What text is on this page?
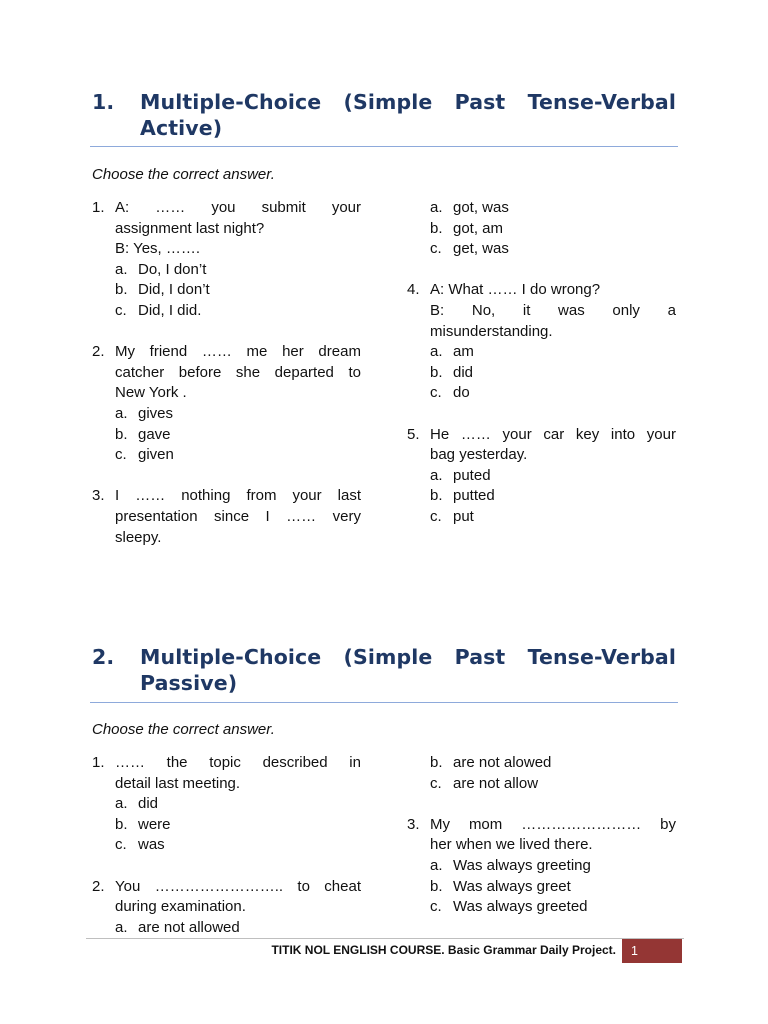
1. Multiple-Choice (Simple Past Tense-Verbal
Active)
Choose the correct answer.
1. A: …… you submit your
assignment last night?
B: Yes, …….
a. Do, I don’t
b. Did, I don’t
c. Did, I did.
2. My friend …… me her dream
catcher before she departed to
New York .
a. gives
b. gave
c. given
3. I …… nothing from your last
presentation since I …… very
sleepy.
a. got, was
b. got, am
c. get, was
4. A: What …… I do wrong?
B: No, it was only a
misunderstanding.
a. am
b. did
c. do
5. He …… your car key into your
bag yesterday.
a. puted
b. putted
c. put
2. Multiple-Choice (Simple Past Tense-Verbal
Passive)
Choose the correct answer.
1. …… the topic described in
detail last meeting.
a. did
b. were
c. was
2. You …………………….. to cheat
during examination.
a. are not allowed
b. are not alowed
c. are not allow
3. My mom …………………… by
her when we lived there.
a. Was always greeting
b. Was always greet
c. Was always greeted
TITIK NOL ENGLISH COURSE. Basic Grammar Daily Project.	1
